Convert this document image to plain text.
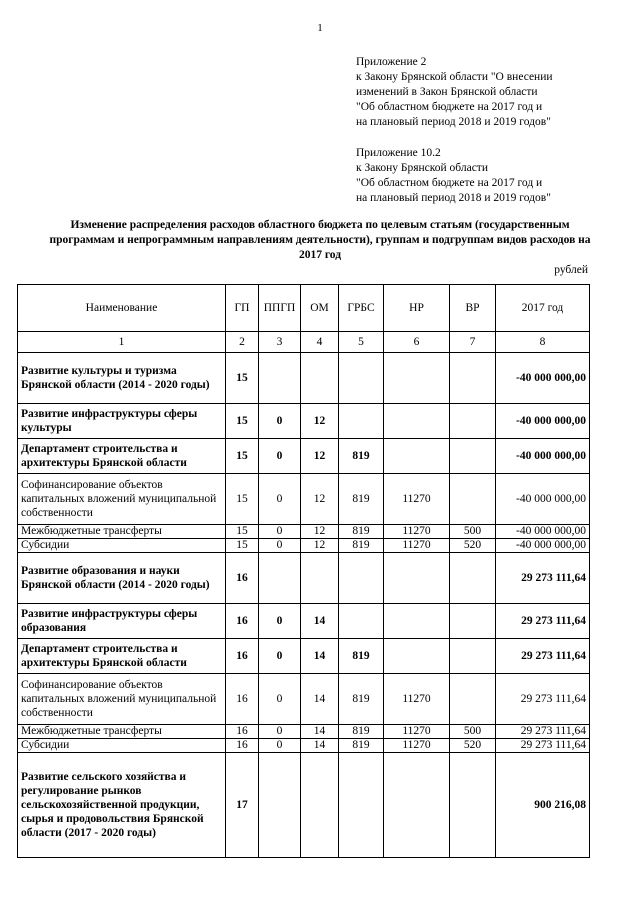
1
Приложение 2
к Закону Брянской области "О внесении
изменений в Закон Брянской области
"Об областном бюджете на 2017 год и
на плановый период 2018 и 2019 годов"
Приложение 10.2
к Закону Брянской области
"Об областном бюджете на 2017 год и
на плановый период 2018 и 2019 годов"
Изменение распределения расходов областного бюджета по целевым статьям (государственным программам и непрограммным направлениям деятельности), группам и подгруппам видов расходов на 2017 год
рублей
Наименование	ГП	ППГП	ОМ	ГРБС	НР	ВР	2017 год
1	2	3	4	5	6	7	8
Развитие культуры и туризма Брянской области (2014 - 2020 годы)	15						-40 000 000,00
Развитие инфраструктуры сферы культуры	15	0	12				-40 000 000,00
Департамент строительства и архитектуры Брянской области	15	0	12	819			-40 000 000,00
Софинансирование объектов капитальных вложений муниципальной собственности	15	0	12	819	11270		-40 000 000,00
Межбюджетные трансферты	15	0	12	819	11270	500	-40 000 000,00
Субсидии	15	0	12	819	11270	520	-40 000 000,00
Развитие образования и науки Брянской области (2014 - 2020 годы)	16						29 273 111,64
Развитие инфраструктуры сферы образования	16	0	14				29 273 111,64
Департамент строительства и архитектуры Брянской области	16	0	14	819			29 273 111,64
Софинансирование объектов капитальных вложений муниципальной собственности	16	0	14	819	11270		29 273 111,64
Межбюджетные трансферты	16	0	14	819	11270	500	29 273 111,64
Субсидии	16	0	14	819	11270	520	29 273 111,64
Развитие сельского хозяйства и регулирование рынков сельскохозяйственной продукции, сырья и продовольствия Брянской области (2017 - 2020 годы)	17						900 216,08
